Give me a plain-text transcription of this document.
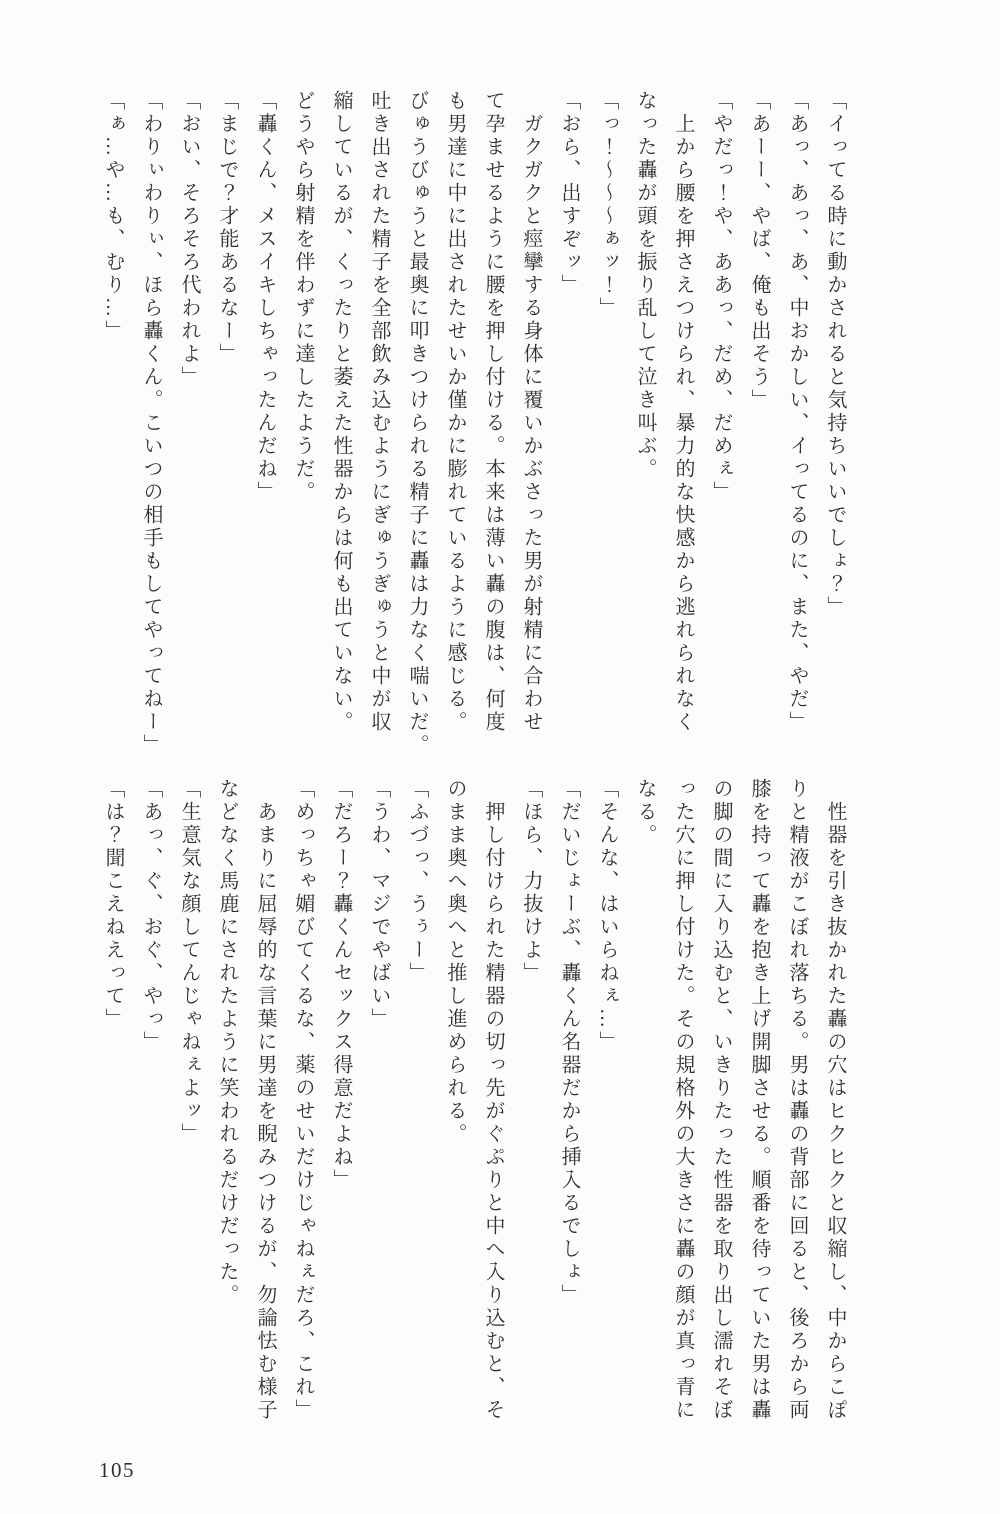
「イってる時に動かされると気持ちいいでしょ？」
「あっ、あっ、あ、中おかしい、イってるのに、また、やだ」
「あーー、やば、俺も出そう」
「やだっ！や、ああっ、だめ、だめぇ」
上から腰を押さえつけられ、暴力的な快感から逃れられなく
なった轟が頭を振り乱して泣き叫ぶ。
「っ！〜〜〜ぁッ！」
「おら、出すぞッ」
ガクガクと痙攣する身体に覆いかぶさった男が射精に合わせ
て孕ませるように腰を押し付ける。本来は薄い轟の腹は、何度
も男達に中に出されたせいか僅かに膨れているように感じる。
びゅうびゅうと最奥に叩きつけられる精子に轟は力なく喘いだ。
吐き出された精子を全部飲み込むようにぎゅうぎゅうと中が収
縮しているが、くったりと萎えた性器からは何も出ていない。
どうやら射精を伴わずに達したようだ。
「轟くん、メスイキしちゃったんだね」
「まじで？才能あるなー」
「おい、そろそろ代われよ」
「わりぃわりぃ、ほら轟くん。こいつの相手もしてやってねー」
「ぁ…や…も、むり…」
性器を引き抜かれた轟の穴はヒクヒクと収縮し、中からこぽ
りと精液がこぼれ落ちる。男は轟の背部に回ると、後ろから両
膝を持って轟を抱き上げ開脚させる。順番を待っていた男は轟
の脚の間に入り込むと、いきりたった性器を取り出し濡れそぼ
った穴に押し付けた。その規格外の大きさに轟の顔が真っ青に
なる。
「そんな、はいらねぇ…」
「だいじょーぶ、轟くん名器だから挿入るでしょ」
「ほら、力抜けよ」
押し付けられた精器の切っ先がぐぷりと中へ入り込むと、そ
のまま奥へ奥へと推し進められる。
「ふづっ、うぅー」
「うわ、マジでやばい」
「だろー？轟くんセックス得意だよね」
「めっちゃ媚びてくるな、薬のせいだけじゃねぇだろ、これ」
あまりに屈辱的な言葉に男達を睨みつけるが、勿論怯む様子
などなく馬鹿にされたように笑われるだけだった。
「生意気な顔してんじゃねぇよッ」
「あっ、ぐ、おぐ、やっ」
「は？聞こえねえって」
105
